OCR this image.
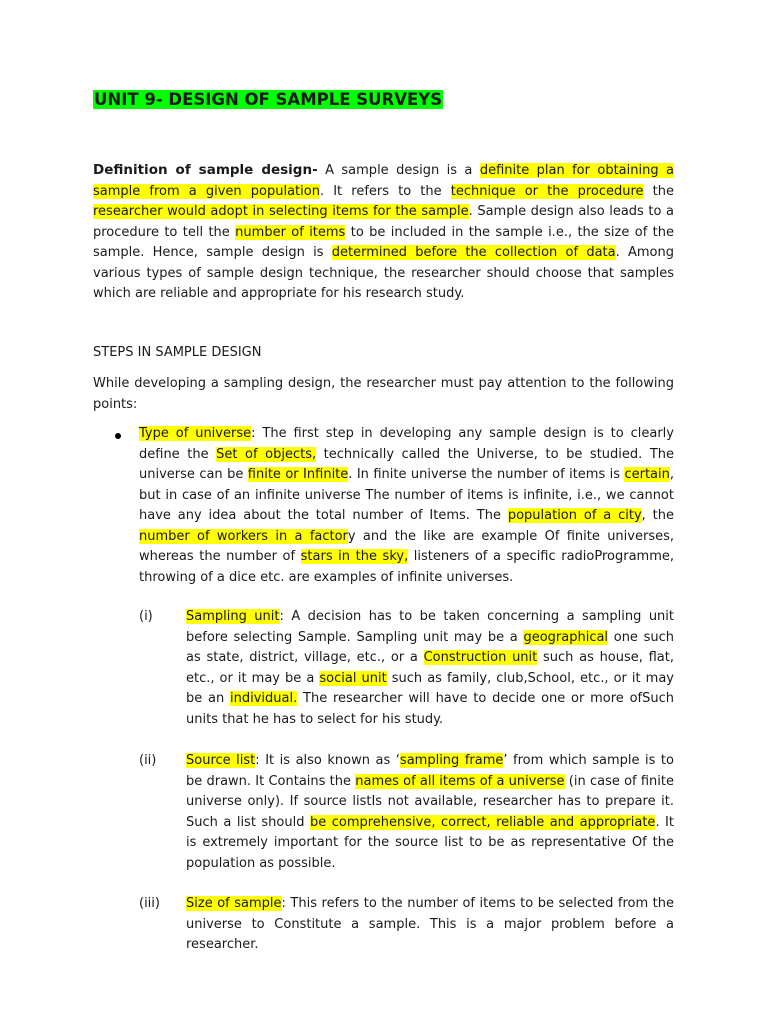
UNIT 9- DESIGN OF SAMPLE SURVEYS

Definition of sample design- A sample design is a definite plan for obtaining a sample from a given population. It refers to the technique or the procedure the researcher would adopt in selecting items for the sample. Sample design also leads to a procedure to tell the number of items to be included in the sample i.e., the size of the sample. Hence, sample design is determined before the collection of data. Among various types of sample design technique, the researcher should choose that samples which are reliable and appropriate for his research study.

STEPS IN SAMPLE DESIGN

While developing a sampling design, the researcher must pay attention to the following points:

Type of universe: The first step in developing any sample design is to clearly define the Set of objects, technically called the Universe, to be studied. The universe can be finite or Infinite. In finite universe the number of items is certain, but in case of an infinite universe The number of items is infinite, i.e., we cannot have any idea about the total number of Items. The population of a city, the number of workers in a factory and the like are example Of finite universes, whereas the number of stars in the sky, listeners of a specific radioProgramme, throwing of a dice etc. are examples of infinite universes.

(i)	Sampling unit: A decision has to be taken concerning a sampling unit before selecting Sample. Sampling unit may be a geographical one such as state, district, village, etc., or a Construction unit such as house, flat, etc., or it may be a social unit such as family, club,School, etc., or it may be an individual. The researcher will have to decide one or more ofSuch units that he has to select for his study.

(ii) Source list: It is also known as ‘sampling frame’ from which sample is to be drawn. It Contains the names of all items of a universe (in case of finite universe only). If source listIs not available, researcher has to prepare it. Such a list should be comprehensive, correct, reliable and appropriate. It is extremely important for the source list to be as representative Of the population as possible.

(iii) Size of sample: This refers to the number of items to be selected from the universe to Constitute a sample. This is a major problem before a researcher.
